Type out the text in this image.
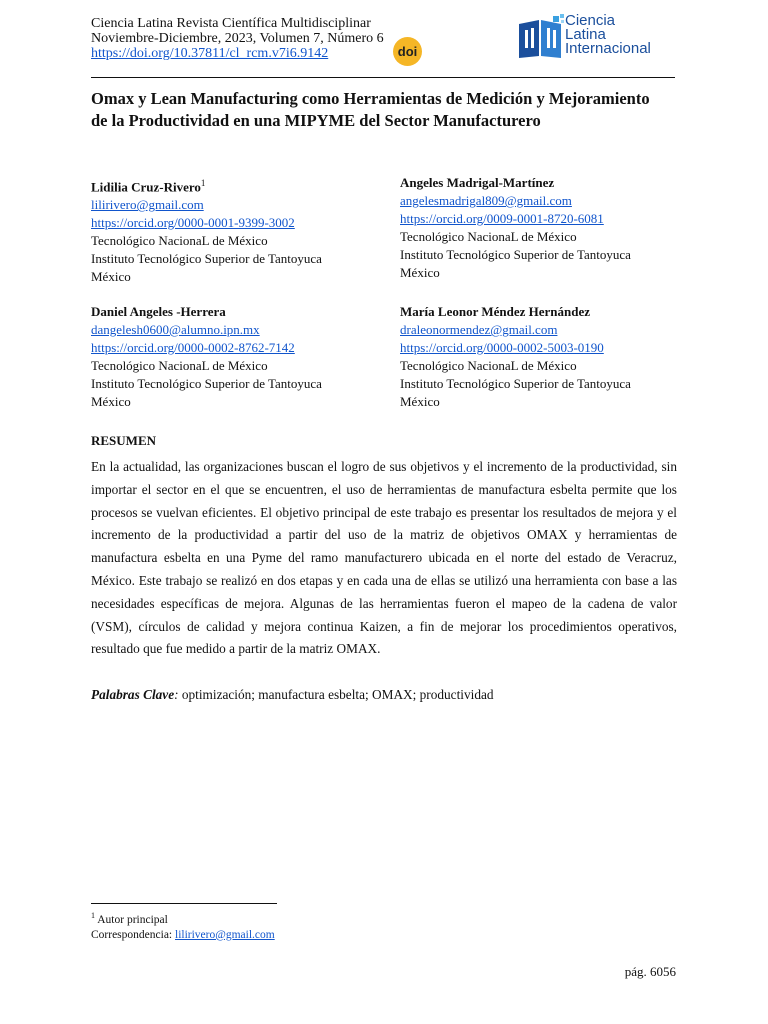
Ciencia Latina Revista Científica Multidisciplinar
Noviembre-Diciembre, 2023, Volumen 7, Número 6
https://doi.org/10.37811/cl_rcm.v7i6.9142	doi
Ciencia
Latina
Internacional
Omax y Lean Manufacturing como Herramientas de Medición y Mejoramiento de la Productividad en una MIPYME del Sector Manufacturero
Lidilia Cruz-Rivero$^1$
lilirivero@gmail.com
https://orcid.org/0000-0001-9399-3002
Tecnológico NacionaL de México
Instituto Tecnológico Superior de Tantoyuca
México
Angeles Madrigal-Martínez
angelesmadrigal809@gmail.com
https://orcid.org/0009-0001-8720-6081
Tecnológico NacionaL de México
Instituto Tecnológico Superior de Tantoyuca
México
Daniel Angeles -Herrera
dangelesh0600@alumno.ipn.mx
https://orcid.org/0000-0002-8762-7142
Tecnológico NacionaL de México
Instituto Tecnológico Superior de Tantoyuca
México
María Leonor Méndez Hernández
draleonormendez@gmail.com
https://orcid.org/0000-0002-5003-0190
Tecnológico NacionaL de México
Instituto Tecnológico Superior de Tantoyuca
México
RESUMEN
En la actualidad, las organizaciones buscan el logro de sus objetivos y el incremento de la productividad, sin importar el sector en el que se encuentren, el uso de herramientas de manufactura esbelta permite que los procesos se vuelvan eficientes. El objetivo principal de este trabajo es presentar los resultados de mejora y el incremento de la productividad a partir del uso de la matriz de objetivos OMAX y herramientas de manufactura esbelta en una Pyme del ramo manufacturero ubicada en el norte del estado de Veracruz, México. Este trabajo se realizó en dos etapas y en cada una de ellas se utilizó una herramienta con base a las necesidades específicas de mejora. Algunas de las herramientas fueron el mapeo de la cadena de valor (VSM), círculos de calidad y mejora continua Kaizen, a fin de mejorar los procedimientos operativos, resultado que fue medido a partir de la matriz OMAX.
Palabras Clave: optimización; manufactura esbelta; OMAX; productividad
$^1$ Autor principal
Correspondencia: lilirivero@gmail.com
pág. 6056
